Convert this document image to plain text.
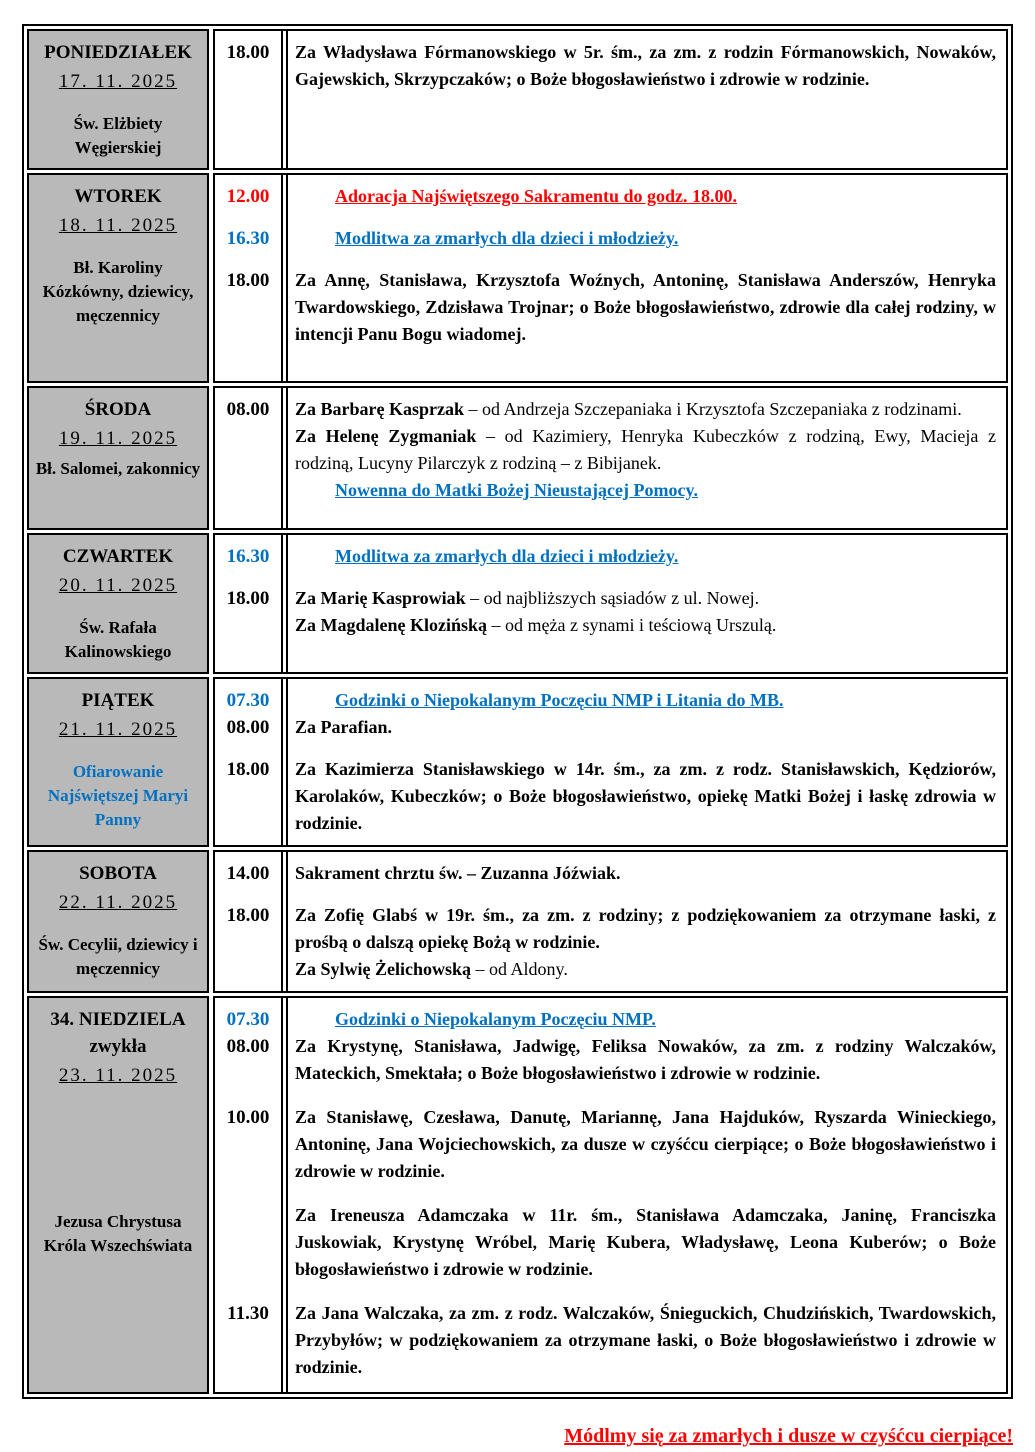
PONIEDZIAŁEK
17. 11. 2025
Św. Elżbiety Węgierskiej
18.00	Za Władysława Fórmanowskiego w 5r. śm., za zm. z rodzin Fórmanowskich, Nowaków, Gajewskich, Skrzypczaków; o Boże błogosławieństwo i zdrowie w rodzinie.
WTOREK
18. 11. 2025
Bł. Karoliny Kózkówny, dziewicy, męczennicy
12.00	Adoracja Najświętszego Sakramentu do godz. 18.00.
16.30	Modlitwa za zmarłych dla dzieci i młodzieży.
18.00	Za Annę, Stanisława, Krzysztofa Woźnych, Antoninę, Stanisława Anderszów, Henryka Twardowskiego, Zdzisława Trojnar; o Boże błogosławieństwo, zdrowie dla całej rodziny, w intencji Panu Bogu wiadomej.
ŚRODA
19. 11. 2025
Bł. Salomei, zakonnicy
08.00	Za Barbarę Kasprzak – od Andrzeja Szczepaniaka i Krzysztofa Szczepaniaka z rodzinami.
Za Helenę Zygmaniak – od Kazimiery, Henryka Kubeczków z rodziną, Ewy, Macieja z rodziną, Lucyny Pilarczyk z rodziną – z Bibijanek.
Nowenna do Matki Bożej Nieustającej Pomocy.
CZWARTEK
20. 11. 2025
Św. Rafała Kalinowskiego
16.30	Modlitwa za zmarłych dla dzieci i młodzieży.
18.00	Za Marię Kasprowiak – od najbliższych sąsiadów z ul. Nowej.
Za Magdalenę Klozińską – od męża z synami i teściową Urszulą.
PIĄTEK
21. 11. 2025
Ofiarowanie Najświętszej Maryi Panny
07.30	Godzinki o Niepokalanym Poczęciu NMP i Litania do MB.
08.00	Za Parafian.
18.00	Za Kazimierza Stanisławskiego w 14r. śm., za zm. z rodz. Stanisławskich, Kędziorów, Karolaków, Kubeczków; o Boże błogosławieństwo, opiekę Matki Bożej i łaskę zdrowia w rodzinie.
SOBOTA
22. 11. 2025
Św. Cecylii, dziewicy i męczennicy
14.00	Sakrament chrztu św. – Zuzanna Jóźwiak.
18.00	Za Zofię Glabś w 19r. śm., za zm. z rodziny; z podziękowaniem za otrzymane łaski, z prośbą o dalszą opiekę Bożą w rodzinie.
Za Sylwię Żelichowską – od Aldony.
34. NIEDZIELA
zwykła
23. 11. 2025
Jezusa Chrystusa Króla Wszechświata
07.30	Godzinki o Niepokalanym Poczęciu NMP.
08.00	Za Krystynę, Stanisława, Jadwigę, Feliksa Nowaków, za zm. z rodziny Walczaków, Mateckich, Smektała; o Boże błogosławieństwo i zdrowie w rodzinie.
10.00	Za Stanisławę, Czesława, Danutę, Mariannę, Jana Hajduków, Ryszarda Winieckiego, Antoninę, Jana Wojciechowskich, za dusze w czyśćcu cierpiące; o Boże błogosławieństwo i zdrowie w rodzinie.
Za Ireneusza Adamczaka w 11r. śm., Stanisława Adamczaka, Janinę, Franciszka Juskowiak, Krystynę Wróbel, Marię Kubera, Władysławę, Leona Kuberów; o Boże błogosławieństwo i zdrowie w rodzinie.
11.30	Za Jana Walczaka, za zm. z rodz. Walczaków, Śnieguckich, Chudzińskich, Twardowskich, Przybyłów; w podziękowaniem za otrzymane łaski, o Boże błogosławieństwo i zdrowie w rodzinie.
Módlmy się za zmarłych i dusze w czyśćcu cierpiące!
